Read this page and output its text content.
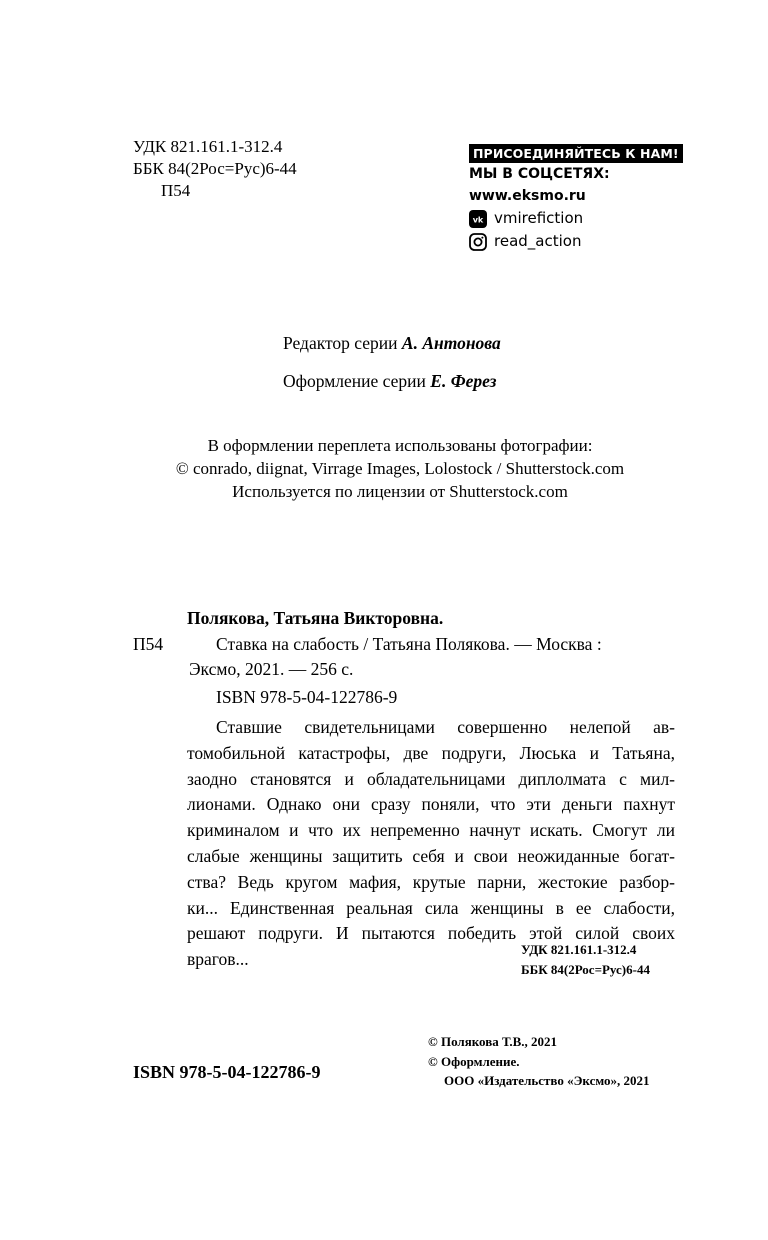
УДК 821.161.1-312.4
ББК 84(2Рос=Рус)6-44
П54
ПРИСОЕДИНЯЙТЕСЬ К НАМ!
МЫ В СОЦСЕТЯХ:
www.eksmo.ru
vk vmirefiction
read_action
Редактор серии А. Антонова
Оформление серии Е. Ферез
В оформлении переплета использованы фотографии:
© conrado, diignat, Virrage Images, Lolostock / Shutterstock.com
Используется по лицензии от Shutterstock.com
Полякова, Татьяна Викторовна.
П54	Ставка на слабость / Татьяна Полякова. — Москва :
Эксмо, 2021. — 256 с.
ISBN 978-5-04-122786-9
Ставшие свидетельницами совершенно нелепой ав-
томобильной катастрофы, две подруги, Люська и Татьяна,
заодно становятся и обладательницами диплолмата с мил-
лионами. Однако они сразу поняли, что эти деньги пахнут
криминалом и что их непременно начнут искать. Смогут ли
слабые женщины защитить себя и свои неожиданные богат-
ства? Ведь кругом мафия, крутые парни, жестокие разбор-
ки... Единственная реальная сила женщины в ее слабости,
решают подруги. И пытаются победить этой силой своих
врагов...	УДК 821.161.1-312.4
ББК 84(2Рос=Рус)6-44
© Полякова Т.В., 2021
© Оформление.
ООО «Издательство «Эксмо», 2021
ISBN 978-5-04-122786-9
